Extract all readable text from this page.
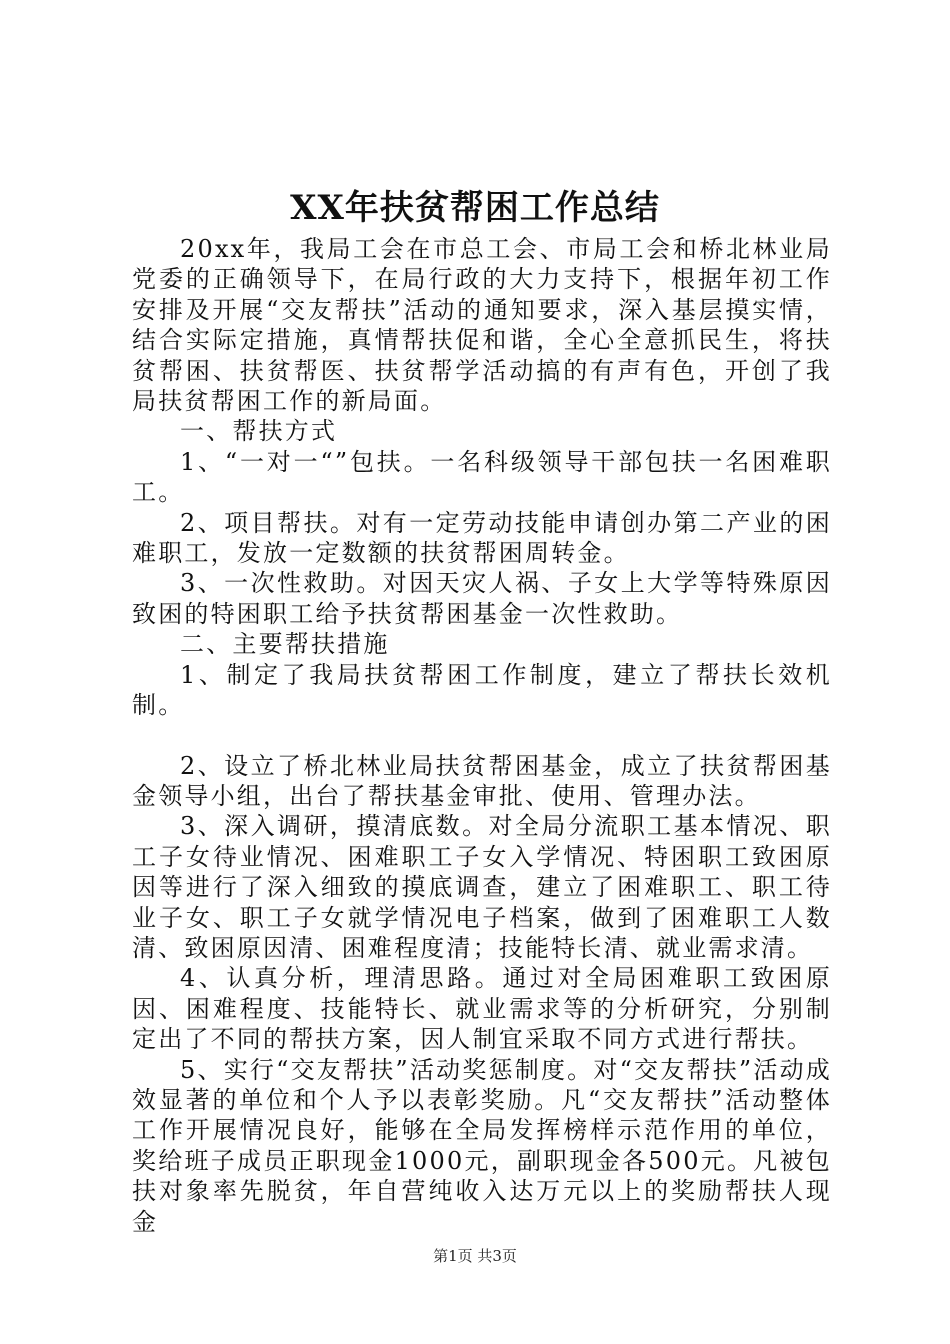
XX年扶贫帮困工作总结

20xx年，我局工会在市总工会、市局工会和桥北林业局党委的正确领导下，在局行政的大力支持下，根据年初工作安排及开展“交友帮扶”活动的通知要求，深入基层摸实情，结合实际定措施，真情帮扶促和谐，全心全意抓民生，将扶贫帮困、扶贫帮医、扶贫帮学活动搞的有声有色，开创了我局扶贫帮困工作的新局面。

一、帮扶方式

1、“一对一“”包扶。一名科级领导干部包扶一名困难职工。

2、项目帮扶。对有一定劳动技能申请创办第二产业的困难职工，发放一定数额的扶贫帮困周转金。

3、一次性救助。对因天灾人祸、子女上大学等特殊原因致困的特困职工给予扶贫帮困基金一次性救助。

二、主要帮扶措施

1、制定了我局扶贫帮困工作制度，建立了帮扶长效机制。

2、设立了桥北林业局扶贫帮困基金，成立了扶贫帮困基金领导小组，出台了帮扶基金审批、使用、管理办法。

3、深入调研，摸清底数。对全局分流职工基本情况、职工子女待业情况、困难职工子女入学情况、特困职工致困原因等进行了深入细致的摸底调查，建立了困难职工、职工待业子女、职工子女就学情况电子档案，做到了困难职工人数清、致困原因清、困难程度清；技能特长清、就业需求清。

4、认真分析，理清思路。通过对全局困难职工致困原因、困难程度、技能特长、就业需求等的分析研究，分别制定出了不同的帮扶方案，因人制宜采取不同方式进行帮扶。

5、实行“交友帮扶”活动奖惩制度。对“交友帮扶”活动成效显著的单位和个人予以表彰奖励。凡“交友帮扶”活动整体工作开展情况良好，能够在全局发挥榜样示范作用的单位，奖给班子成员正职现金1000元，副职现金各500元。凡被包扶对象率先脱贫，年自营纯收入达万元以上的奖励帮扶人现金

第1页 共3页
